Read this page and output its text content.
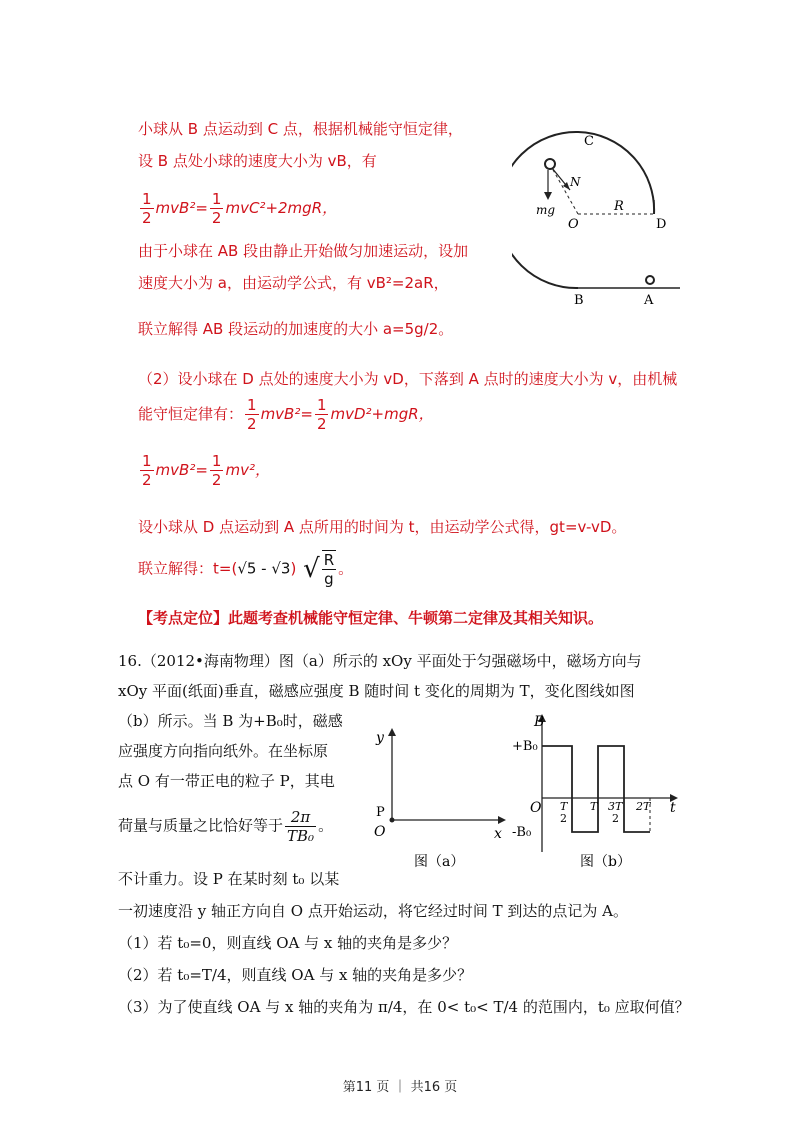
小球从 B 点运动到 C 点，根据机械能守恒定律，
设 B 点处小球的速度大小为 vB，有
$\frac{1}{2} mvB^2= \frac{1}{2} mvC^2+2mgR$，
由于小球在 AB 段由静止开始做匀加速运动，设加
速度大小为 a，由运动学公式，有 vB²=2aR，
联立解得 AB 段运动的加速度的大小 a=5g/2。
（2）设小球在 D 点处的速度大小为 vD，下落到 A 点时的速度大小为 v，由机械
能守恒定律有： $\frac{1}{2} mvB^2= \frac{1}{2} mvD^2+mgR$，
$\frac{1}{2} mvB^2= \frac{1}{2} mv^2$，
设小球从 D 点运动到 A 点所用的时间为 t，由运动学公式得，gt=v-vD。
联立解得：t=(√5 - √3) √ $\frac{R}{g}$ 。
【考点定位】此题考查机械能守恒定律、牛顿第二定律及其相关知识。
C
N
mg
O
R
D
B	A
16.（2012•海南物理）图（a）所示的 xOy 平面处于匀强磁场中，磁场方向与
xOy 平面(纸面)垂直，磁感应强度 B 随时间 t 变化的周期为 T，变化图线如图
（b）所示。当 B 为+B₀时，磁感
应强度方向指向纸外。在坐标原
点 O 有一带正电的粒子 P，其电
荷量与质量之比恰好等于 $\frac{2\pi}{\text{TB₀}}$ 。
不计重力。设 P 在某时刻 t₀ 以某
一初速度沿 y 轴正方向自 O 点开始运动，将它经过时间 T 到达的点记为 A。
（1）若 t₀=0，则直线 OA 与 x 轴的夹角是多少？
（2）若 t₀=T/4，则直线 OA 与 x 轴的夹角是多少？
（3）为了使直线 OA 与 x 轴的夹角为 π/4，在 0< t₀< T/4 的范围内，t₀ 应取何值？
y
P
O	x
图（a）
B
+B₀
-B₀
O T
2
T 3T
2
2T t
图（b）
第11 页 ｜ 共16 页
